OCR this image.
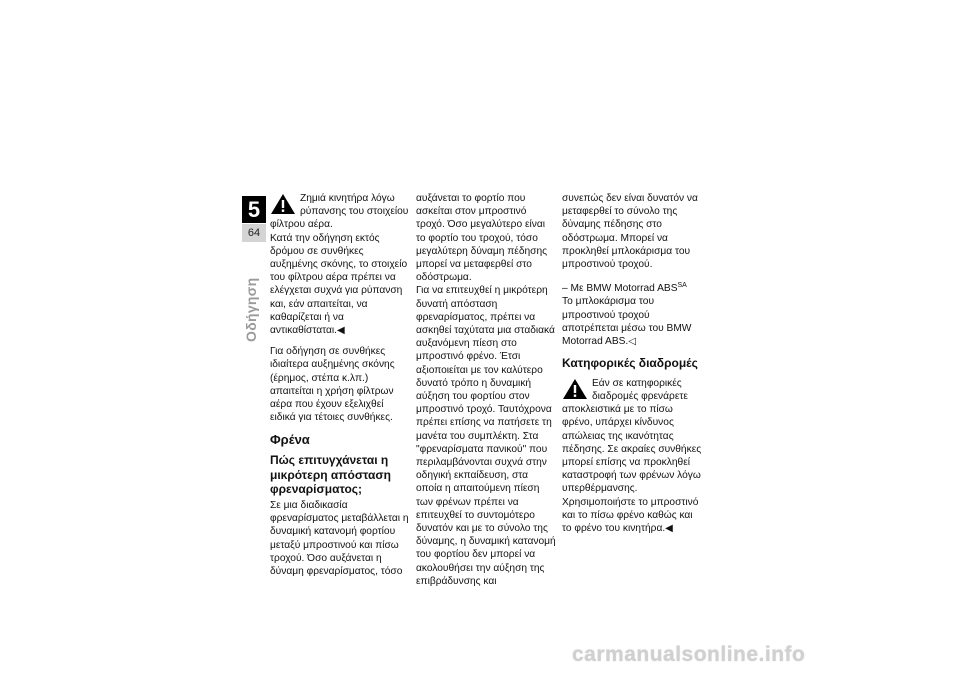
5
64
Οδήγηση

Ζημιά κινητήρα λόγω ρύπανσης του στοιχείου φίλτρου αέρα.

Κατά την οδήγηση εκτός δρόμου σε συνθήκες αυξημένης σκόνης, το στοιχείο του φίλτρου αέρα πρέπει να ελέγχεται συχνά για ρύπανση και, εάν απαιτείται, να καθαρίζεται ή να αντικαθίσταται.◀

Για οδήγηση σε συνθήκες ιδιαίτερα αυξημένης σκόνης (έρημος, στέπα κ.λπ.) απαιτείται η χρήση φίλτρων αέρα που έχουν εξελιχθεί ειδικά για τέτοιες συνθήκες.

Φρένα
Πώς επιτυγχάνεται η μικρότερη απόσταση φρεναρίσματος;

Σε μια διαδικασία φρεναρίσματος μεταβάλλεται η δυναμική κατανομή φορτίου μεταξύ μπροστινού και πίσω τροχού. Όσο αυξάνεται η δύναμη φρεναρίσματος, τόσο

αυξάνεται το φορτίο που ασκείται στον μπροστινό τροχό. Όσο μεγαλύτερο είναι το φορτίο του τροχού, τόσο μεγαλύτερη δύναμη πέδησης μπορεί να μεταφερθεί στο οδόστρωμα.

Για να επιτευχθεί η μικρότερη δυνατή απόσταση φρεναρίσματος, πρέπει να ασκηθεί ταχύτατα μια σταδιακά αυξανόμενη πίεση στο μπροστινό φρένο. Έτσι αξιοποιείται με τον καλύτερο δυνατό τρόπο η δυναμική αύξηση του φορτίου στον μπροστινό τροχό. Ταυτόχρονα πρέπει επίσης να πατήσετε τη μανέτα του συμπλέκτη. Στα "φρεναρίσματα πανικού" που περιλαμβάνονται συχνά στην οδηγική εκπαίδευση, στα οποία η απαιτούμενη πίεση των φρένων πρέπει να επιτευχθεί το συντομότερο δυνατόν και με το σύνολο της δύναμης, η δυναμική κατανομή του φορτίου δεν μπορεί να ακολουθήσει την αύξηση της επιβράδυνσης και

συνεπώς δεν είναι δυνατόν να μεταφερθεί το σύνολο της δύναμης πέδησης στο οδόστρωμα. Μπορεί να προκληθεί μπλοκάρισμα του μπροστινού τροχού.

– Με BMW Motorrad $ABS^{SA}$

Το μπλοκάρισμα του μπροστινού τροχού αποτρέπεται μέσω του BMW Motorrad ABS.◁

Κατηφορικές διαδρομές

Εάν σε κατηφορικές διαδρομές φρενάρετε αποκλειστικά με το πίσω φρένο, υπάρχει κίνδυνος απώλειας της ικανότητας πέδησης. Σε ακραίες συνθήκες μπορεί επίσης να προκληθεί καταστροφή των φρένων λόγω υπερθέρμανσης.

Χρησιμοποιήστε το μπροστινό και το πίσω φρένο καθώς και το φρένο του κινητήρα.◀

carmanualsonline.info
